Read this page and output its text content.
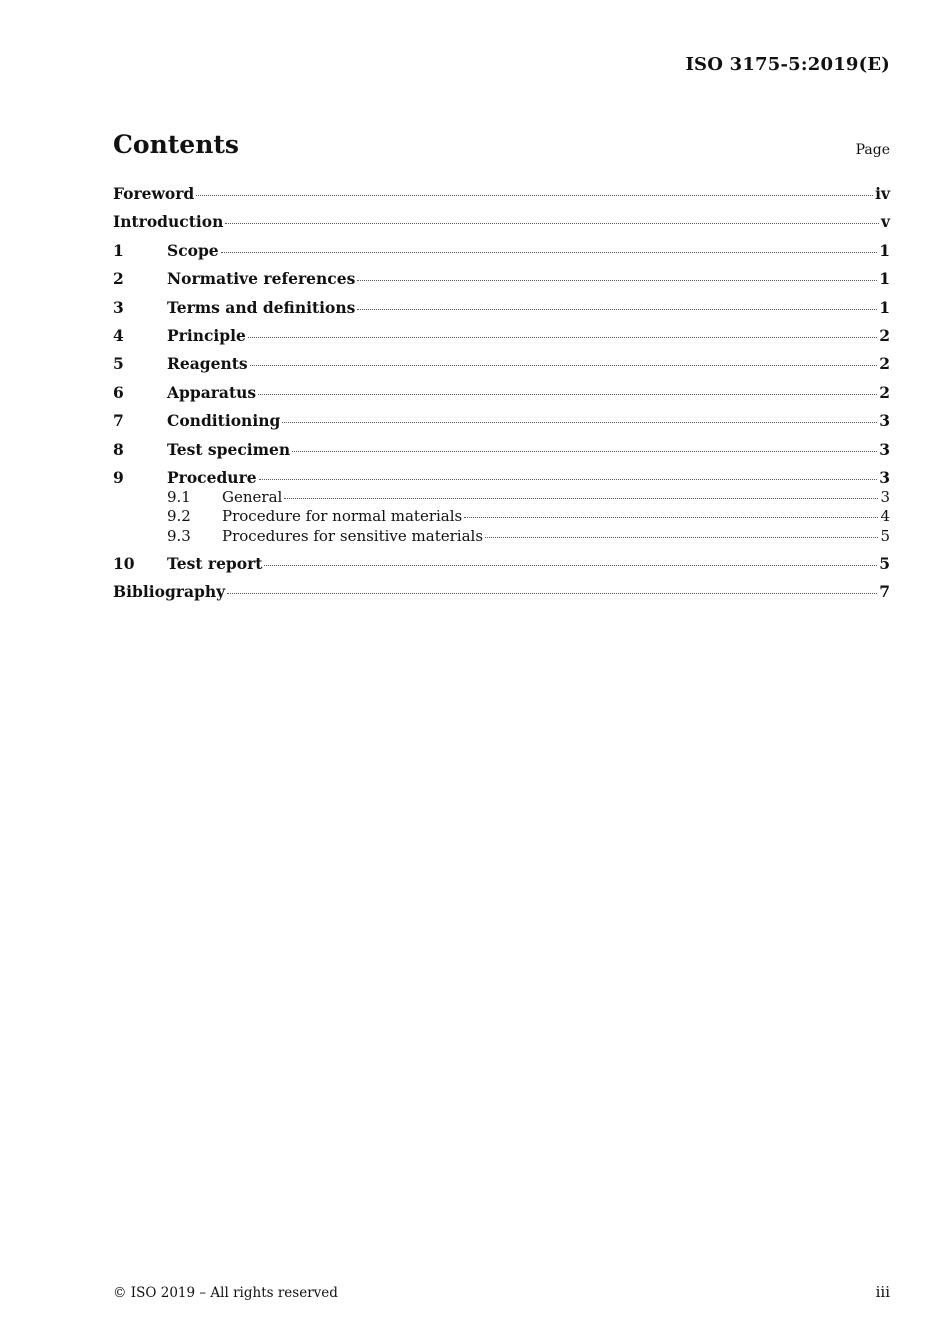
ISO 3175-5:2019(E)
Contents	Page
Foreword	iv
Introduction	v
1	Scope	1
2	Normative references	1
3	Terms and definitions	1
4	Principle	2
5	Reagents	2
6	Apparatus	2
7	Conditioning	3
8	Test specimen	3
9	Procedure	3
9.1	General	3
9.2	Procedure for normal materials	4
9.3	Procedures for sensitive materials	5
10	Test report	5
Bibliography	7
© ISO 2019 – All rights reserved	iii
